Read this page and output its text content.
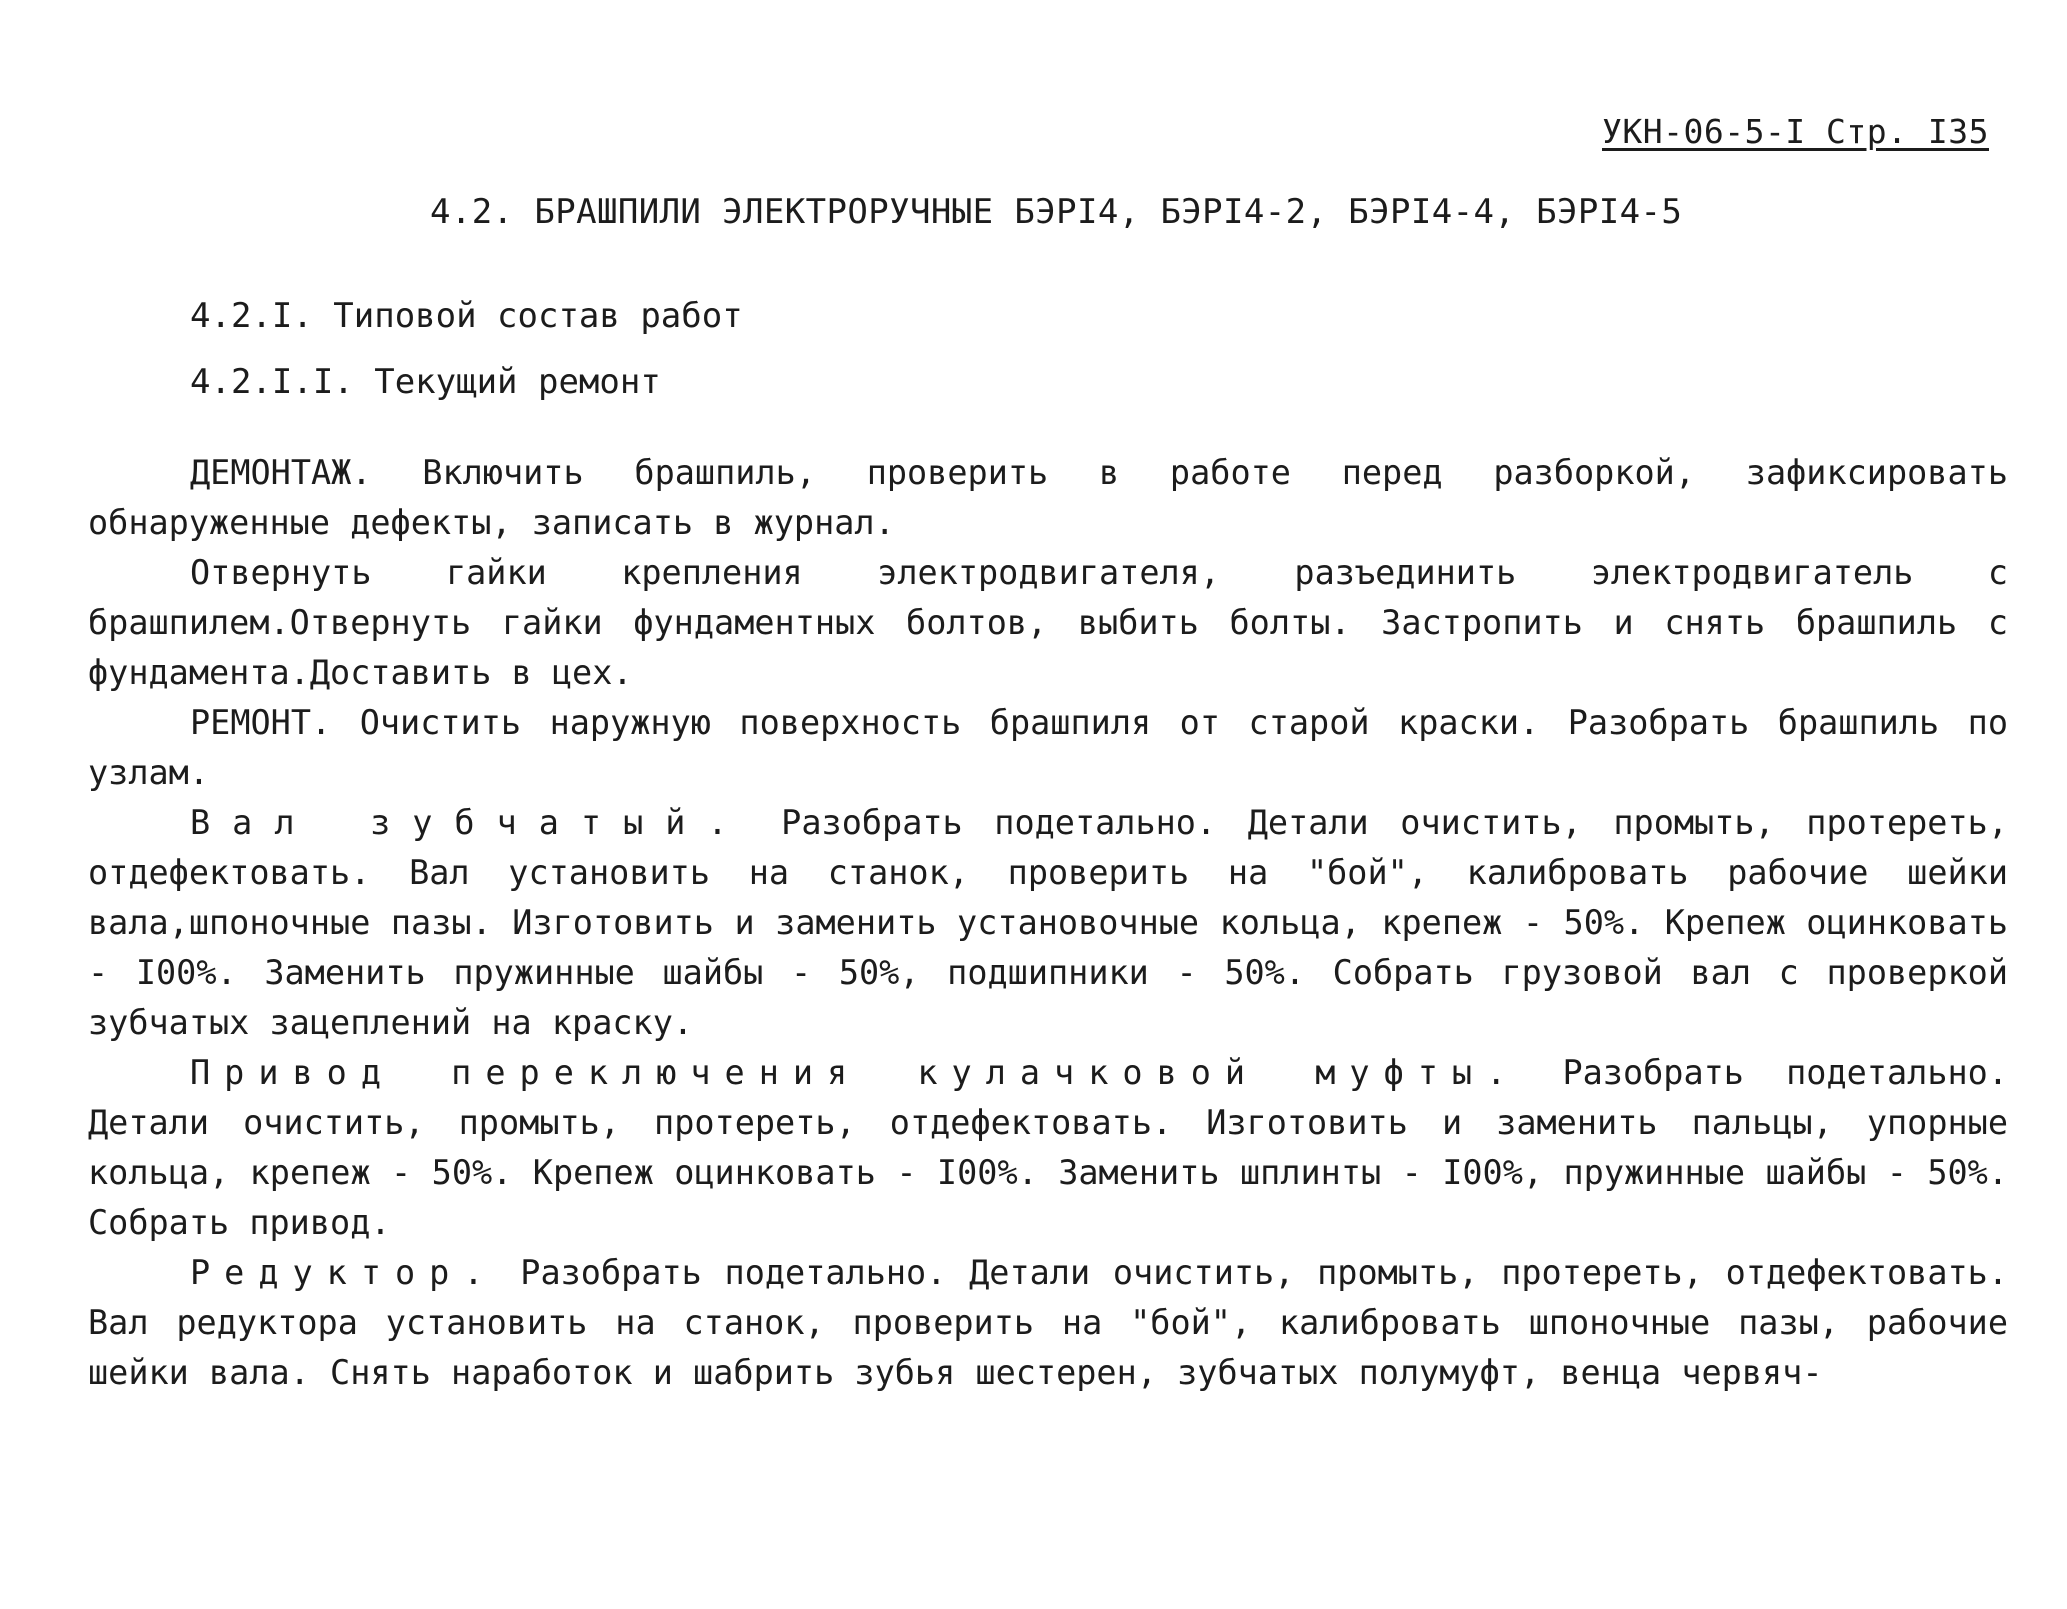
УКН-06-5-I Стр. I35
4.2. БРАШПИЛИ ЭЛЕКТРОРУЧНЫЕ БЭРI4, БЭРI4-2, БЭРI4-4, БЭРI4-5
4.2.I. Типовой состав работ
4.2.I.I. Текущий ремонт

ДЕМОНТАЖ. Включить брашпиль, проверить в работе перед разборкой, зафиксировать обнаруженные дефекты, записать в журнал.

Отвернуть гайки крепления электродвигателя, разъединить электродвигатель с брашпилем.Отвернуть гайки фундаментных болтов, выбить болты. Застропить и снять брашпиль с фундамента.Доставить в цех.

РЕМОНТ. Очистить наружную поверхность брашпиля от старой краски. Разобрать брашпиль по узлам.

Вал зубчатый. Разобрать подетально. Детали очистить, промыть, протереть, отдефектовать. Вал установить на станок, проверить на "бой", калибровать рабочие шейки вала,шпоночные пазы. Изготовить и заменить установочные кольца, крепеж - 50%. Крепеж оцинковать - I00%. Заменить пружинные шайбы - 50%, подшипники - 50%. Собрать грузовой вал с проверкой зубчатых зацеплений на краску.

Привод переключения кулачковой муфты. Разобрать подетально. Детали очистить, промыть, протереть, отдефектовать. Изготовить и заменить пальцы, упорные кольца, крепеж - 50%. Крепеж оцинковать - I00%. Заменить шплинты - I00%, пружинные шайбы - 50%. Собрать привод.

Редуктор. Разобрать подетально. Детали очистить, промыть, протереть, отдефектовать. Вал редуктора установить на станок, проверить на "бой", калибровать шпоночные пазы, рабочие шейки вала. Снять наработок и шабрить зубья шестерен, зубчатых полумуфт, венца червяч-
